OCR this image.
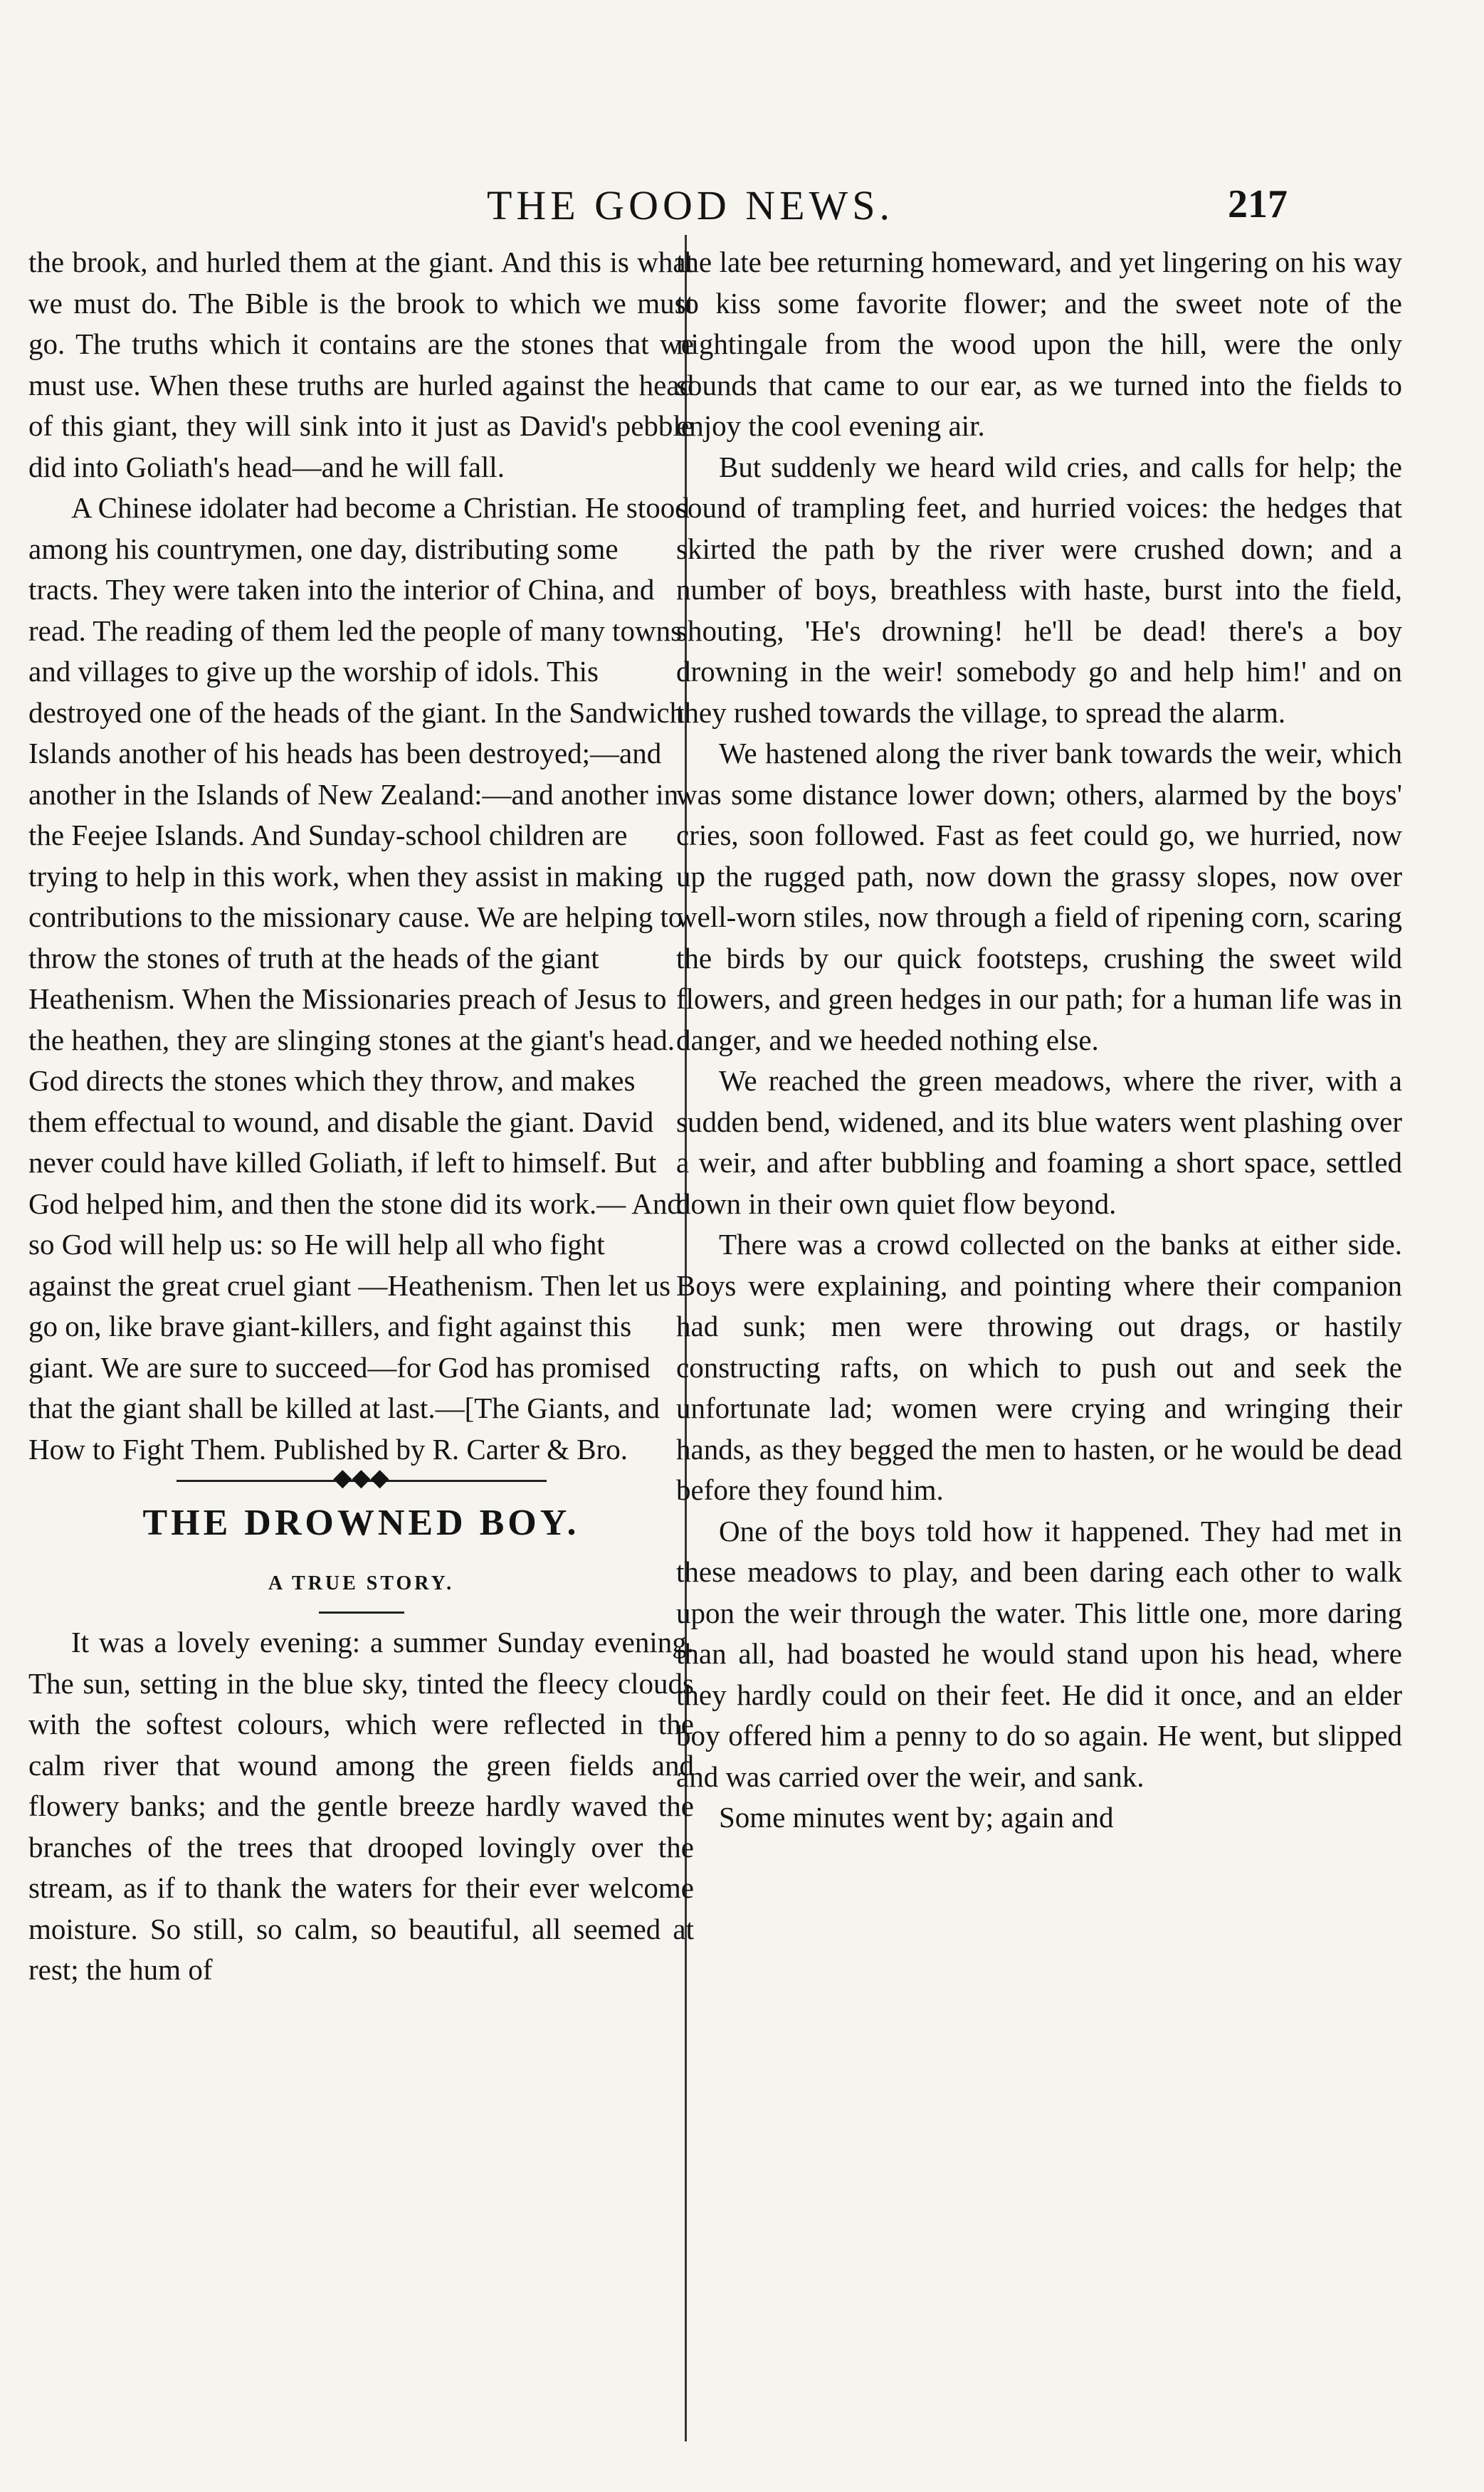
THE GOOD NEWS.	217

the brook, and hurled them at the giant. And this is what we must do. The Bible is the brook to which we must go. The truths which it contains are the stones that we must use. When these truths are hurled against the head of this giant, they will sink into it just as David's pebble did into Goliath's head—and he will fall.

A Chinese idolater had become a Christian. He stood among his countrymen, one day, distributing some tracts. They were taken into the interior of China, and read. The reading of them led the people of many towns and villages to give up the worship of idols. This destroyed one of the heads of the giant. In the Sandwich Islands another of his heads has been destroyed;—and another in the Islands of New Zealand:—and another in the Feejee Islands. And Sunday-school children are trying to help in this work, when they assist in making contributions to the missionary cause. We are helping to throw the stones of truth at the heads of the giant Heathenism. When the Missionaries preach of Jesus to the heathen, they are slinging stones at the giant's head. God directs the stones which they throw, and makes them effectual to wound, and disable the giant. David never could have killed Goliath, if left to himself. But God helped him, and then the stone did its work.— And so God will help us: so He will help all who fight against the great cruel giant —Heathenism. Then let us go on, like brave giant-killers, and fight against this giant. We are sure to succeed—for God has promised that the giant shall be killed at last.—[The Giants, and How to Fight Them. Published by R. Carter & Bro.

◆◆◆
THE DROWNED BOY.
A TRUE STORY.

It was a lovely evening: a summer Sunday evening. The sun, setting in the blue sky, tinted the fleecy clouds with the softest colours, which were reflected in the calm river that wound among the green fields and flowery banks; and the gentle breeze hardly waved the branches of the trees that drooped lovingly over the stream, as if to thank the waters for their ever welcome moisture. So still, so calm, so beautiful, all seemed at rest; the hum of

the late bee returning homeward, and yet lingering on his way to kiss some favorite flower; and the sweet note of the nightingale from the wood upon the hill, were the only sounds that came to our ear, as we turned into the fields to enjoy the cool evening air.

But suddenly we heard wild cries, and calls for help; the sound of trampling feet, and hurried voices: the hedges that skirted the path by the river were crushed down; and a number of boys, breathless with haste, burst into the field, shouting, 'He's drowning! he'll be dead! there's a boy drowning in the weir! somebody go and help him!' and on they rushed towards the village, to spread the alarm.

We hastened along the river bank towards the weir, which was some distance lower down; others, alarmed by the boys' cries, soon followed. Fast as feet could go, we hurried, now up the rugged path, now down the grassy slopes, now over well-worn stiles, now through a field of ripening corn, scaring the birds by our quick footsteps, crushing the sweet wild flowers, and green hedges in our path; for a human life was in danger, and we heeded nothing else.

We reached the green meadows, where the river, with a sudden bend, widened, and its blue waters went plashing over a weir, and after bubbling and foaming a short space, settled down in their own quiet flow beyond.

There was a crowd collected on the banks at either side. Boys were explaining, and pointing where their companion had sunk; men were throwing out drags, or hastily constructing rafts, on which to push out and seek the unfortunate lad; women were crying and wringing their hands, as they begged the men to hasten, or he would be dead before they found him.

One of the boys told how it happened. They had met in these meadows to play, and been daring each other to walk upon the weir through the water. This little one, more daring than all, had boasted he would stand upon his head, where they hardly could on their feet. He did it once, and an elder boy offered him a penny to do so again. He went, but slipped and was carried over the weir, and sank.

Some minutes went by; again and
